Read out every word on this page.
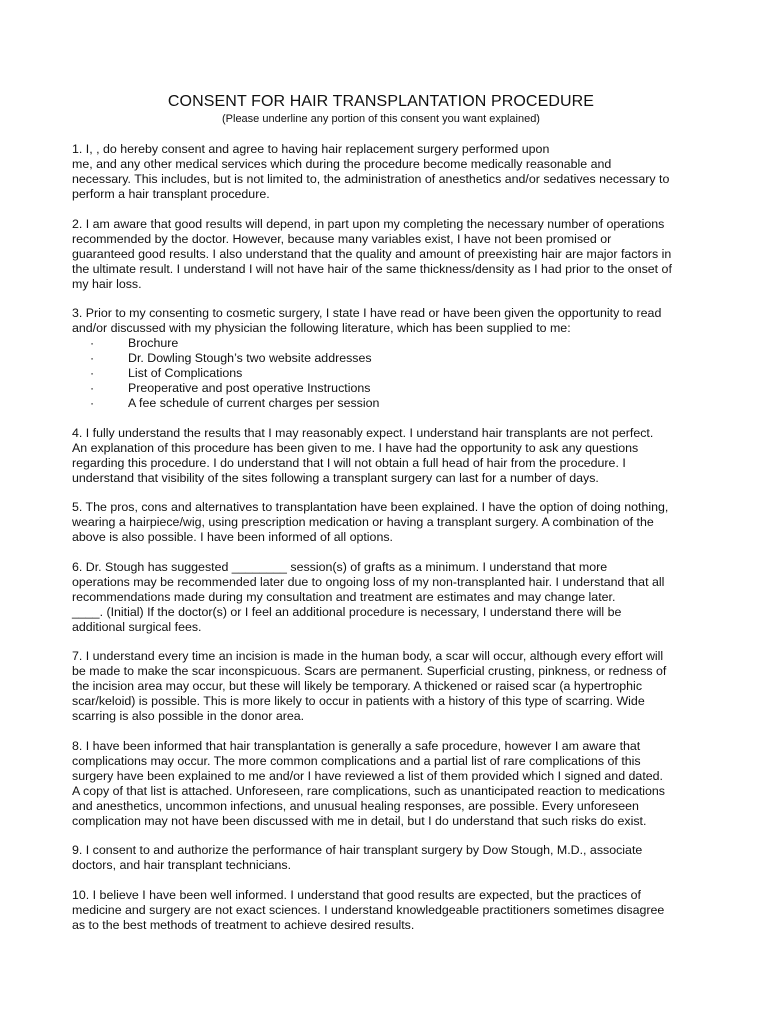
CONSENT FOR HAIR TRANSPLANTATION PROCEDURE

(Please underline any portion of this consent you want explained)

1. I, , do hereby consent and agree to having hair replacement surgery performed upon
me, and any other medical services which during the procedure become medically reasonable and
necessary. This includes, but is not limited to, the administration of anesthetics and/or sedatives necessary to
perform a hair transplant procedure.

2. I am aware that good results will depend, in part upon my completing the necessary number of operations
recommended by the doctor. However, because many variables exist, I have not been promised or
guaranteed good results. I also understand that the quality and amount of preexisting hair are major factors in
the ultimate result. I understand I will not have hair of the same thickness/density as I had prior to the onset of
my hair loss.

3. Prior to my consenting to cosmetic surgery, I state I have read or have been given the opportunity to read
and/or discussed with my physician the following literature, which has been supplied to me:

·	Brochure
·	Dr. Dowling Stough’s two website addresses
·	List of Complications
·	Preoperative and post operative Instructions
·	A fee schedule of current charges per session

4. I fully understand the results that I may reasonably expect. I understand hair transplants are not perfect.
An explanation of this procedure has been given to me. I have had the opportunity to ask any questions
regarding this procedure. I do understand that I will not obtain a full head of hair from the procedure. I
understand that visibility of the sites following a transplant surgery can last for a number of days.

5. The pros, cons and alternatives to transplantation have been explained. I have the option of doing nothing,
wearing a hairpiece/wig, using prescription medication or having a transplant surgery. A combination of the
above is also possible. I have been informed of all options.

6. Dr. Stough has suggested ________ session(s) of grafts as a minimum. I understand that more
operations may be recommended later due to ongoing loss of my non-transplanted hair. I understand that all
recommendations made during my consultation and treatment are estimates and may change later.
____. (Initial) If the doctor(s) or I feel an additional procedure is necessary, I understand there will be
additional surgical fees.

7. I understand every time an incision is made in the human body, a scar will occur, although every effort will
be made to make the scar inconspicuous. Scars are permanent. Superficial crusting, pinkness, or redness of
the incision area may occur, but these will likely be temporary. A thickened or raised scar (a hypertrophic
scar/keloid) is possible. This is more likely to occur in patients with a history of this type of scarring. Wide
scarring is also possible in the donor area.

8. I have been informed that hair transplantation is generally a safe procedure, however I am aware that
complications may occur. The more common complications and a partial list of rare complications of this
surgery have been explained to me and/or I have reviewed a list of them provided which I signed and dated.
A copy of that list is attached. Unforeseen, rare complications, such as unanticipated reaction to medications
and anesthetics, uncommon infections, and unusual healing responses, are possible. Every unforeseen
complication may not have been discussed with me in detail, but I do understand that such risks do exist.

9. I consent to and authorize the performance of hair transplant surgery by Dow Stough, M.D., associate
doctors, and hair transplant technicians.

10. I believe I have been well informed. I understand that good results are expected, but the practices of
medicine and surgery are not exact sciences. I understand knowledgeable practitioners sometimes disagree
as to the best methods of treatment to achieve desired results.
